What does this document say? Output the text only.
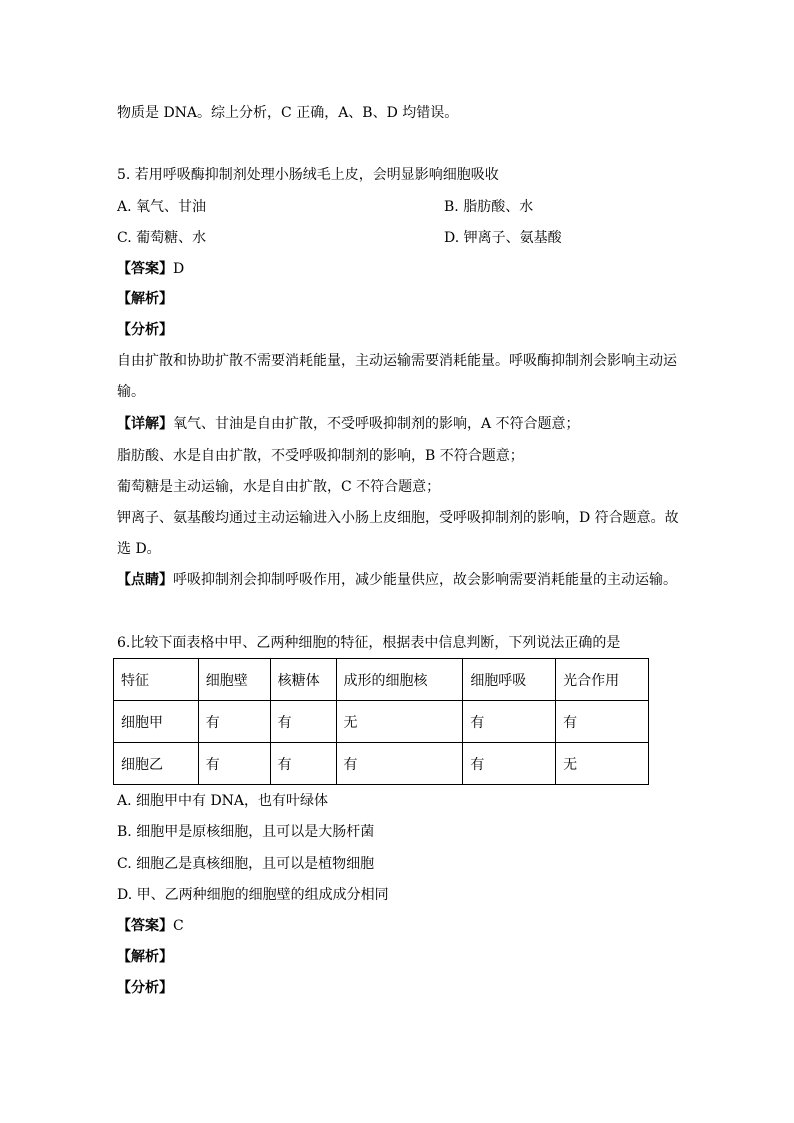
物质是 DNA。综上分析，C 正确，A、B、D 均错误。
5. 若用呼吸酶抑制剂处理小肠绒毛上皮，会明显影响细胞吸收
A. 氧气、甘油	B. 脂肪酸、水
C. 葡萄糖、水	D. 钾离子、氨基酸
【答案】D
【解析】
【分析】
自由扩散和协助扩散不需要消耗能量，主动运输需要消耗能量。呼吸酶抑制剂会影响主动运
输。
【详解】氧气、甘油是自由扩散，不受呼吸抑制剂的影响，A 不符合题意；
脂肪酸、水是自由扩散，不受呼吸抑制剂的影响，B 不符合题意；
葡萄糖是主动运输，水是自由扩散，C 不符合题意；
钾离子、氨基酸均通过主动运输进入小肠上皮细胞，受呼吸抑制剂的影响，D 符合题意。故
选 D。
【点睛】呼吸抑制剂会抑制呼吸作用，减少能量供应，故会影响需要消耗能量的主动运输。
6.比较下面表格中甲、乙两种细胞的特征，根据表中信息判断，下列说法正确的是
特征	细胞壁	核糖体	成形的细胞核	细胞呼吸	光合作用
细胞甲	有	有	无	有	有
细胞乙	有	有	有	有	无
A. 细胞甲中有 DNA，也有叶绿体
B. 细胞甲是原核细胞，且可以是大肠杆菌
C. 细胞乙是真核细胞，且可以是植物细胞
D. 甲、乙两种细胞的细胞壁的组成成分相同
【答案】C
【解析】
【分析】
